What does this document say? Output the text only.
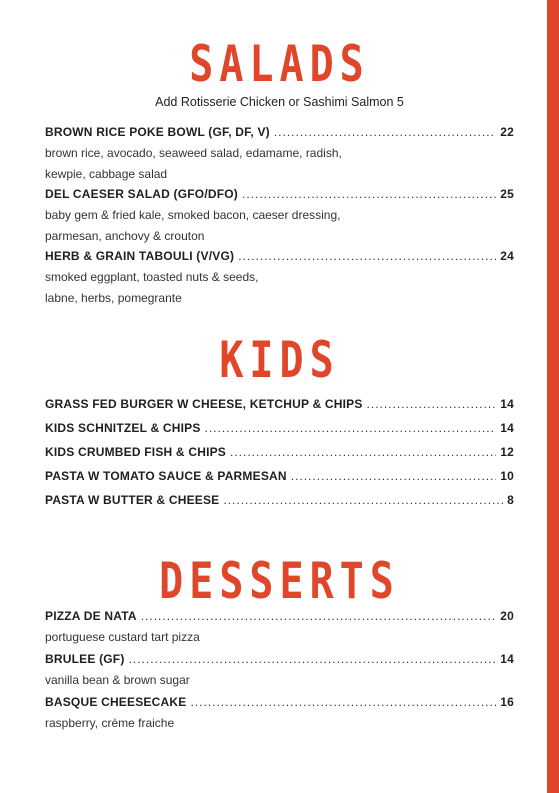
SALADS
Add Rotisserie Chicken or Sashimi Salmon 5
BROWN RICE POKE BOWL (GF, DF, V) .....	22
brown rice, avocado, seaweed salad, edamame, radish,
kewpie, cabbage salad
DEL CAESER SALAD (GFO/DFO) .....	25
baby gem & fried kale, smoked bacon, caeser dressing,
parmesan, anchovy & crouton
HERB & GRAIN TABOULI (V/VG) .....	24
smoked eggplant, toasted nuts & seeds,
labne, herbs, pomegrante
KIDS
GRASS FED BURGER W CHEESE, KETCHUP & CHIPS .....	14
KIDS SCHNITZEL & CHIPS .....	14
KIDS CRUMBED FISH & CHIPS .....	12
PASTA W TOMATO SAUCE & PARMESAN .....	10
PASTA W BUTTER & CHEESE .....	8
DESSERTS
PIZZA DE NATA .....	20
portuguese custard tart pizza
BRULEE (GF) .....	14
vanilla bean & brown sugar
BASQUE CHEESECAKE .....	16
raspberry, crème fraiche
